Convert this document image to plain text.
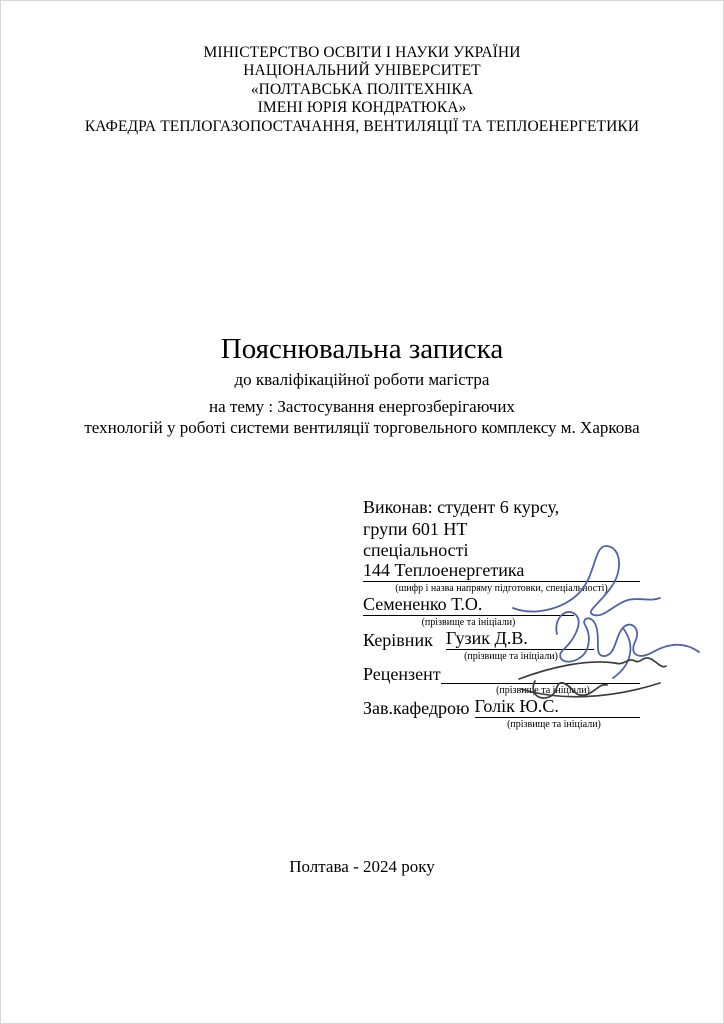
МІНІСТЕРСТВО ОСВІТИ І НАУКИ УКРАЇНИ
НАЦІОНАЛЬНИЙ УНІВЕРСИТЕТ
«ПОЛТАВСЬКА ПОЛІТЕХНІКА
ІМЕНІ ЮРІЯ КОНДРАТЮКА»
КАФЕДРА ТЕПЛОГАЗОПОСТАЧАННЯ, ВЕНТИЛЯЦІЇ ТА ТЕПЛОЕНЕРГЕТИКИ
Пояснювальна записка
до кваліфікаційної роботи магістра
на тему : Застосування енергозберігаючих
технологій у роботі системи вентиляції торговельного комплексу м. Харкова
Виконав: студент 6 курсу,
групи 601 НТ
спеціальності
144 Теплоенергетика
(шифр і назва напряму підготовки, спеціальності)
Семененко Т.О.
(прізвище та ініціали)
Керівник Гузик Д.В.
(прізвище та ініціали)
Рецензент

(прізвище та ініціали)
Зав.кафедрою Голік Ю.С.
(прізвище та ініціали)
Полтава - 2024 року
